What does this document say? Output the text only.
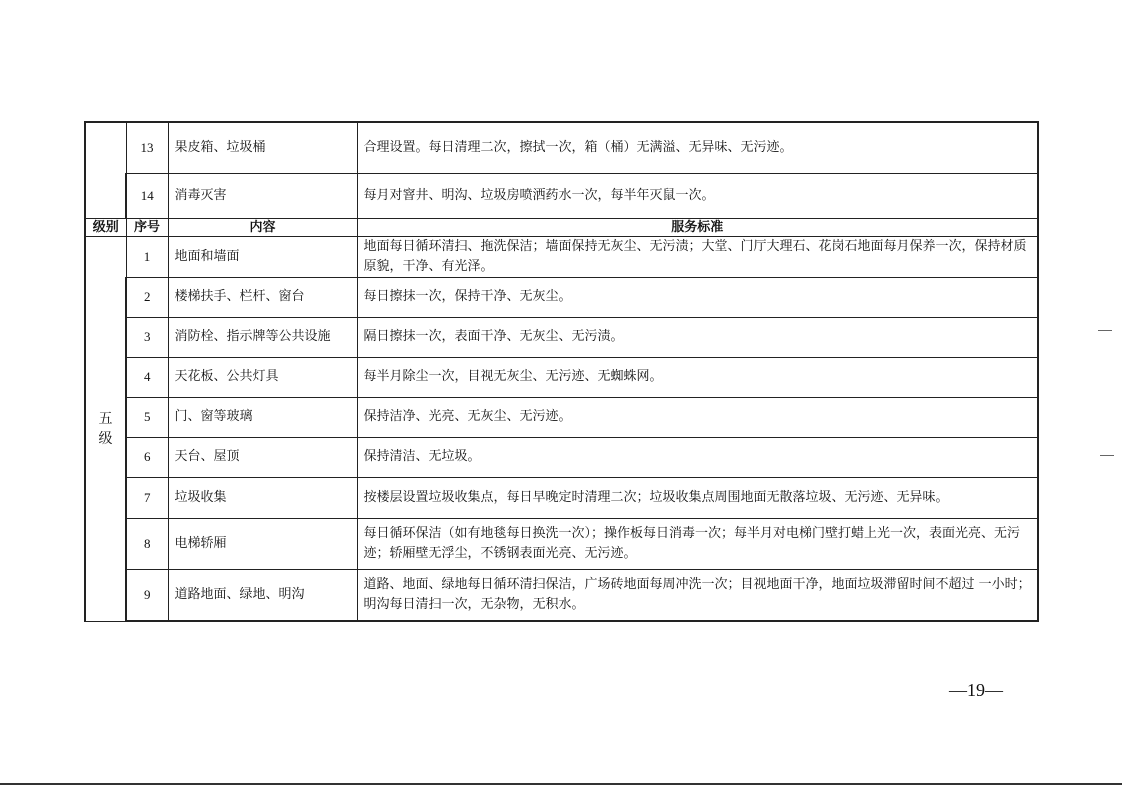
	13	果皮箱、垃圾桶	合理设置。每日清理二次，擦拭一次，箱（桶）无满溢、无异味、无污迹。
	14	消毒灭害	每月对窨井、明沟、垃圾房喷洒药水一次，每半年灭鼠一次。
级别	序号	内容	服务标准
五级	1	地面和墙面	地面每日循环清扫、拖洗保洁；墙面保持无灰尘、无污渍；大堂、门厅大理石、花岗石地面每月保养一次，保持材质原貌，干净、有光泽。
	2	楼梯扶手、栏杆、窗台	每日擦抹一次，保持干净、无灰尘。
	3	消防栓、指示牌等公共设施	隔日擦抹一次，表面干净、无灰尘、无污渍。
	4	天花板、公共灯具	每半月除尘一次，目视无灰尘、无污迹、无蜘蛛网。
	5	门、窗等玻璃	保持洁净、光亮、无灰尘、无污迹。
	6	天台、屋顶	保持清洁、无垃圾。
	7	垃圾收集	按楼层设置垃圾收集点，每日早晚定时清理二次；垃圾收集点周围地面无散落垃圾、无污迹、无异味。
	8	电梯轿厢	每日循环保洁（如有地毯每日换洗一次）；操作板每日消毒一次；每半月对电梯门壁打蜡上光一次，表面光亮、无污迹；轿厢壁无浮尘，不锈钢表面光亮、无污迹。
	9	道路地面、绿地、明沟	道路、地面、绿地每日循环清扫保洁，广场砖地面每周冲洗一次；目视地面干净，地面垃圾滞留时间不超过 一小时；明沟每日清扫一次，无杂物，无积水。
—19—
